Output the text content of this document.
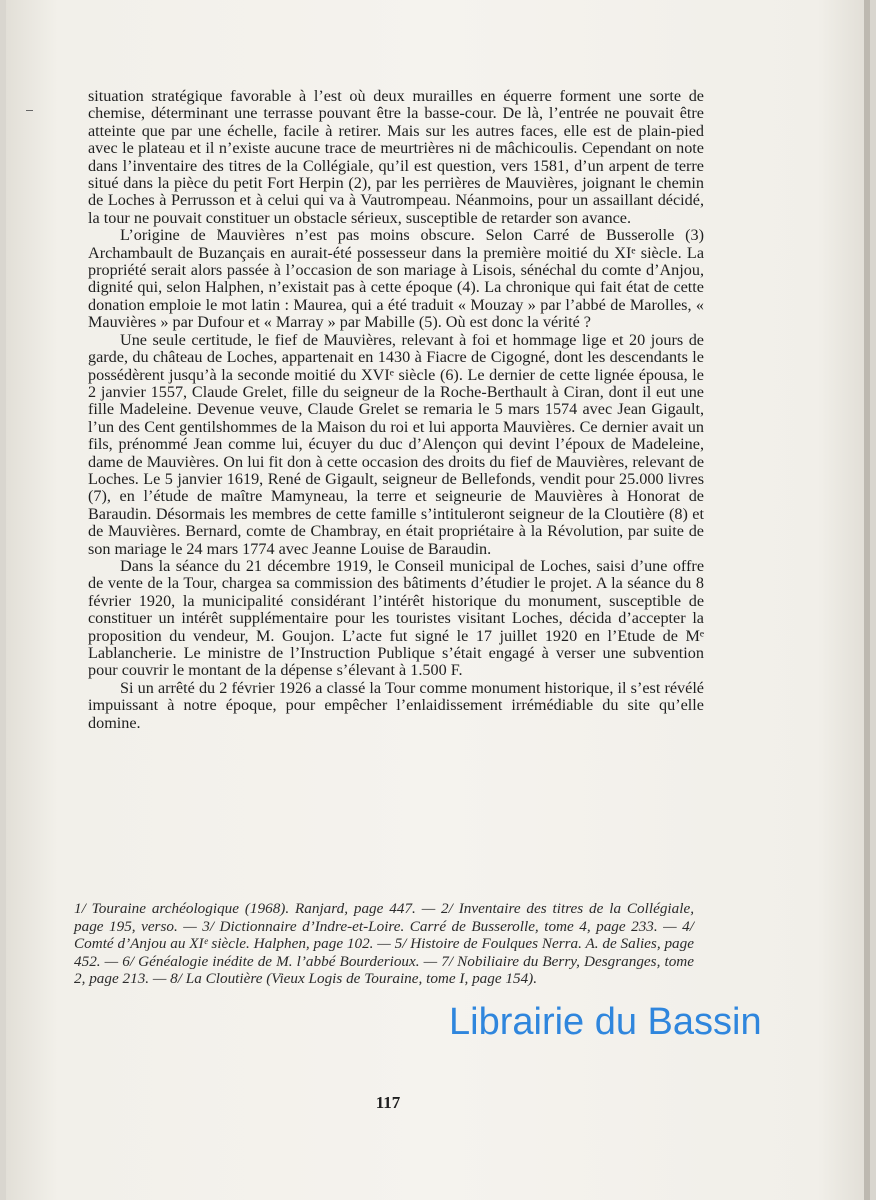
situation stratégique favorable à l’est où deux murailles en équerre forment une sorte de chemise, déterminant une terrasse pouvant être la basse-cour. De là, l’entrée ne pouvait être atteinte que par une échelle, facile à retirer. Mais sur les autres faces, elle est de plain-pied avec le plateau et il n’existe aucune trace de meurtrières ni de mâchicoulis. Cependant on note dans l’inventaire des titres de la Collégiale, qu’il est question, vers 1581, d’un arpent de terre situé dans la pièce du petit Fort Herpin (2), par les perrières de Mauvières, joignant le chemin de Loches à Perrusson et à celui qui va à Vautrompeau. Néanmoins, pour un assaillant décidé, la tour ne pouvait constituer un obstacle sérieux, susceptible de retarder son avance.

L’origine de Mauvières n’est pas moins obscure. Selon Carré de Busserolle (3) Archambault de Buzançais en aurait-été possesseur dans la première moitié du XIᵉ siècle. La propriété serait alors passée à l’occasion de son mariage à Lisois, sénéchal du comte d’Anjou, dignité qui, selon Halphen, n’existait pas à cette époque (4). La chronique qui fait état de cette donation emploie le mot latin : Maurea, qui a été traduit « Mouzay » par l’abbé de Marolles, « Mauvières » par Dufour et « Marray » par Mabille (5). Où est donc la vérité ?

Une seule certitude, le fief de Mauvières, relevant à foi et hommage lige et 20 jours de garde, du château de Loches, appartenait en 1430 à Fiacre de Cigogné, dont les descendants le possédèrent jusqu’à la seconde moitié du XVIᵉ siècle (6). Le dernier de cette lignée épousa, le 2 janvier 1557, Claude Grelet, fille du seigneur de la Roche-Berthault à Ciran, dont il eut une fille Madeleine. Devenue veuve, Claude Grelet se remaria le 5 mars 1574 avec Jean Gigault, l’un des Cent gentilshommes de la Maison du roi et lui apporta Mauvières. Ce dernier avait un fils, prénommé Jean comme lui, écuyer du duc d’Alençon qui devint l’époux de Madeleine, dame de Mauvières. On lui fit don à cette occasion des droits du fief de Mauvières, relevant de Loches. Le 5 janvier 1619, René de Gigault, seigneur de Bellefonds, vendit pour 25.000 livres (7), en l’étude de maître Mamyneau, la terre et seigneurie de Mauvières à Honorat de Baraudin. Désormais les membres de cette famille s’intituleront seigneur de la Cloutière (8) et de Mauvières. Bernard, comte de Chambray, en était propriétaire à la Révolution, par suite de son mariage le 24 mars 1774 avec Jeanne Louise de Baraudin.

Dans la séance du 21 décembre 1919, le Conseil municipal de Loches, saisi d’une offre de vente de la Tour, chargea sa commission des bâtiments d’étudier le projet. A la séance du 8 février 1920, la municipalité considérant l’intérêt historique du monument, susceptible de constituer un intérêt supplémentaire pour les touristes visitant Loches, décida d’accepter la proposition du vendeur, M. Goujon. L’acte fut signé le 17 juillet 1920 en l’Etude de Mᵉ Lablancherie. Le ministre de l’Instruction Publique s’était engagé à verser une subvention pour couvrir le montant de la dépense s’élevant à 1.500 F.

Si un arrêté du 2 février 1926 a classé la Tour comme monument historique, il s’est révélé impuissant à notre époque, pour empêcher l’enlaidissement irrémédiable du site qu’elle domine.

1/ Touraine archéologique (1968). Ranjard, page 447. — 2/ Inventaire des titres de la Collégiale, page 195, verso. — 3/ Dictionnaire d’Indre-et-Loire. Carré de Busserolle, tome 4, page 233. — 4/ Comté d’Anjou au XIᵉ siècle. Halphen, page 102. — 5/ Histoire de Foulques Nerra. A. de Salies, page 452. — 6/ Généalogie inédite de M. l’abbé Bourderioux. — 7/ Nobiliaire du Berry, Desgranges, tome 2, page 213. — 8/ La Cloutière (Vieux Logis de Touraine, tome I, page 154).

Librairie du Bassin
117
